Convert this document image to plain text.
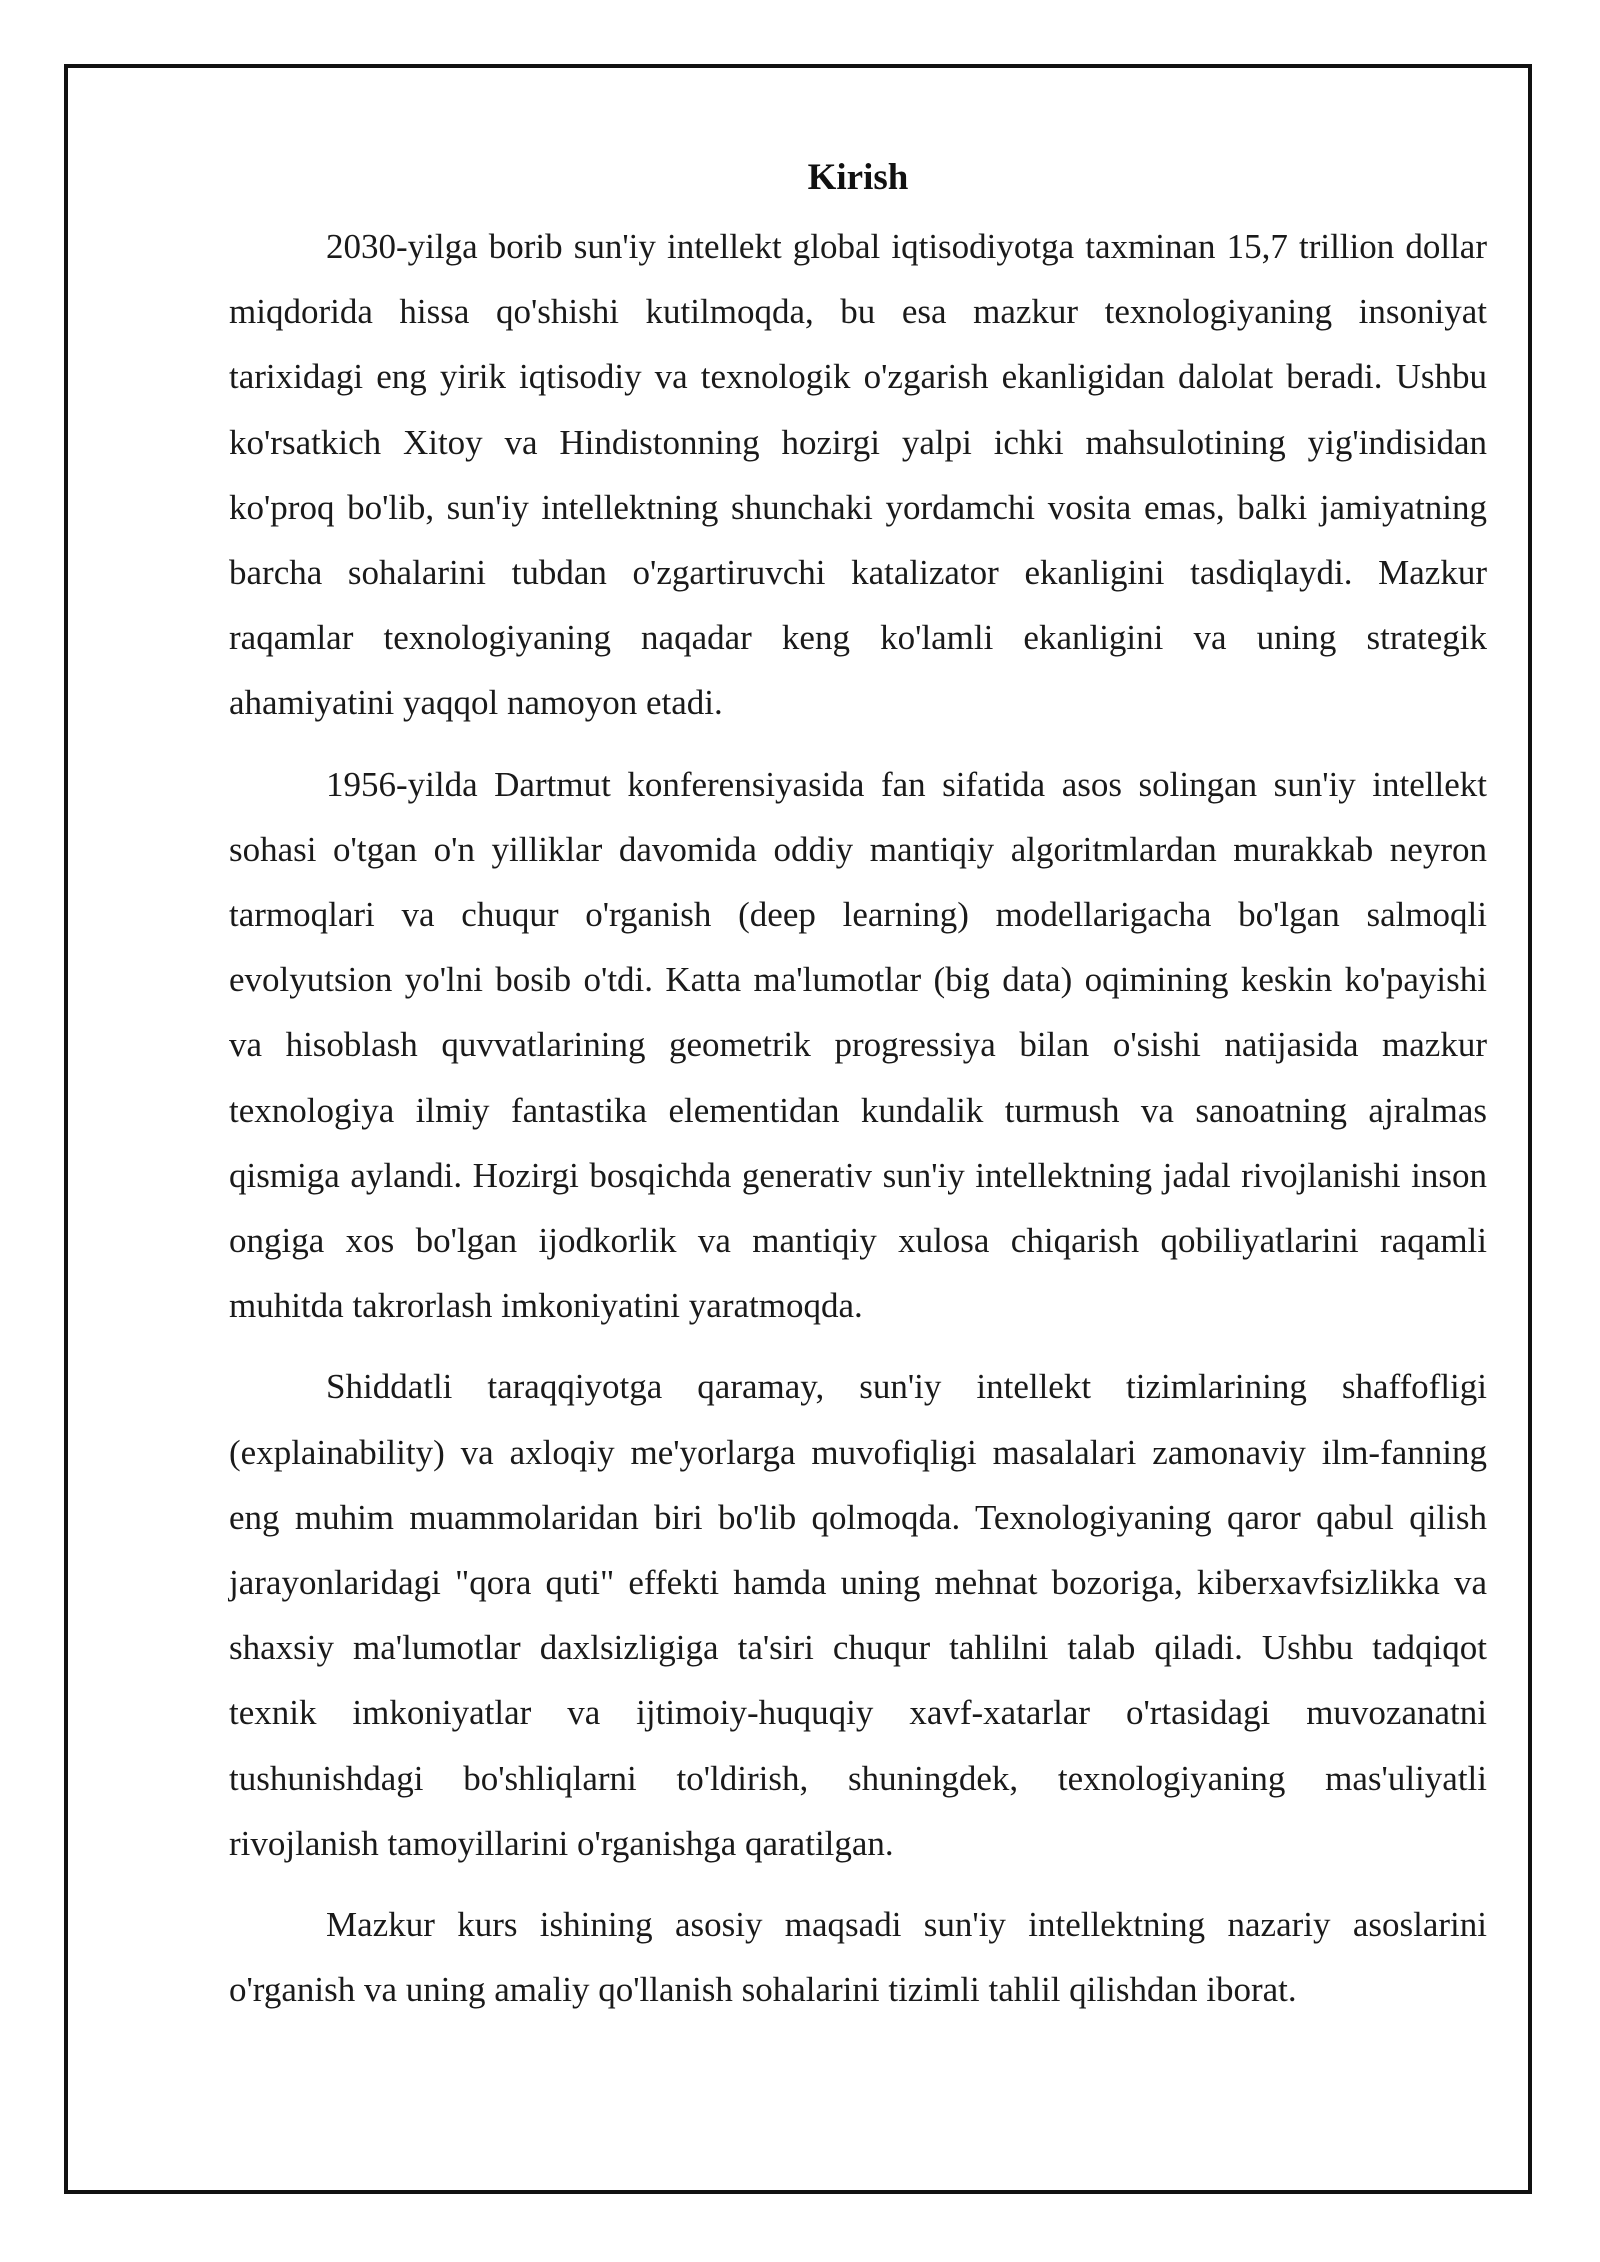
Kirish

2030-yilga borib sun'iy intellekt global iqtisodiyotga taxminan 15,7 trillion dollar miqdorida hissa qo'shishi kutilmoqda, bu esa mazkur texnologiyaning insoniyat tarixidagi eng yirik iqtisodiy va texnologik o'zgarish ekanligidan dalolat beradi. Ushbu ko'rsatkich Xitoy va Hindistonning hozirgi yalpi ichki mahsulotining yig'indisidan ko'proq bo'lib, sun'iy intellektning shunchaki yordamchi vosita emas, balki jamiyatning barcha sohalarini tubdan o'zgartiruvchi katalizator ekanligini tasdiqlaydi. Mazkur raqamlar texnologiyaning naqadar keng ko'lamli ekanligini va uning strategik ahamiyatini yaqqol namoyon etadi.

1956-yilda Dartmut konferensiyasida fan sifatida asos solingan sun'iy intellekt sohasi o'tgan o'n yilliklar davomida oddiy mantiqiy algoritmlardan murakkab neyron tarmoqlari va chuqur o'rganish (deep learning) modellarigacha bo'lgan salmoqli evolyutsion yo'lni bosib o'tdi. Katta ma'lumotlar (big data) oqimining keskin ko'payishi va hisoblash quvvatlarining geometrik progressiya bilan o'sishi natijasida mazkur texnologiya ilmiy fantastika elementidan kundalik turmush va sanoatning ajralmas qismiga aylandi. Hozirgi bosqichda generativ sun'iy intellektning jadal rivojlanishi inson ongiga xos bo'lgan ijodkorlik va mantiqiy xulosa chiqarish qobiliyatlarini raqamli muhitda takrorlash imkoniyatini yaratmoqda.

Shiddatli taraqqiyotga qaramay, sun'iy intellekt tizimlarining shaffofligi (explainability) va axloqiy me'yorlarga muvofiqligi masalalari zamonaviy ilm-fanning eng muhim muammolaridan biri bo'lib qolmoqda. Texnologiyaning qaror qabul qilish jarayonlaridagi "qora quti" effekti hamda uning mehnat bozoriga, kiberxavfsizlikka va shaxsiy ma'lumotlar daxlsizligiga ta'siri chuqur tahlilni talab qiladi. Ushbu tadqiqot texnik imkoniyatlar va ijtimoiy-huquqiy xavf-xatarlar o'rtasidagi muvozanatni tushunishdagi bo'shliqlarni to'ldirish, shuningdek, texnologiyaning mas'uliyatli rivojlanish tamoyillarini o'rganishga qaratilgan.

Mazkur kurs ishining asosiy maqsadi sun'iy intellektning nazariy asoslarini o'rganish va uning amaliy qo'llanish sohalarini tizimli tahlil qilishdan iborat.
